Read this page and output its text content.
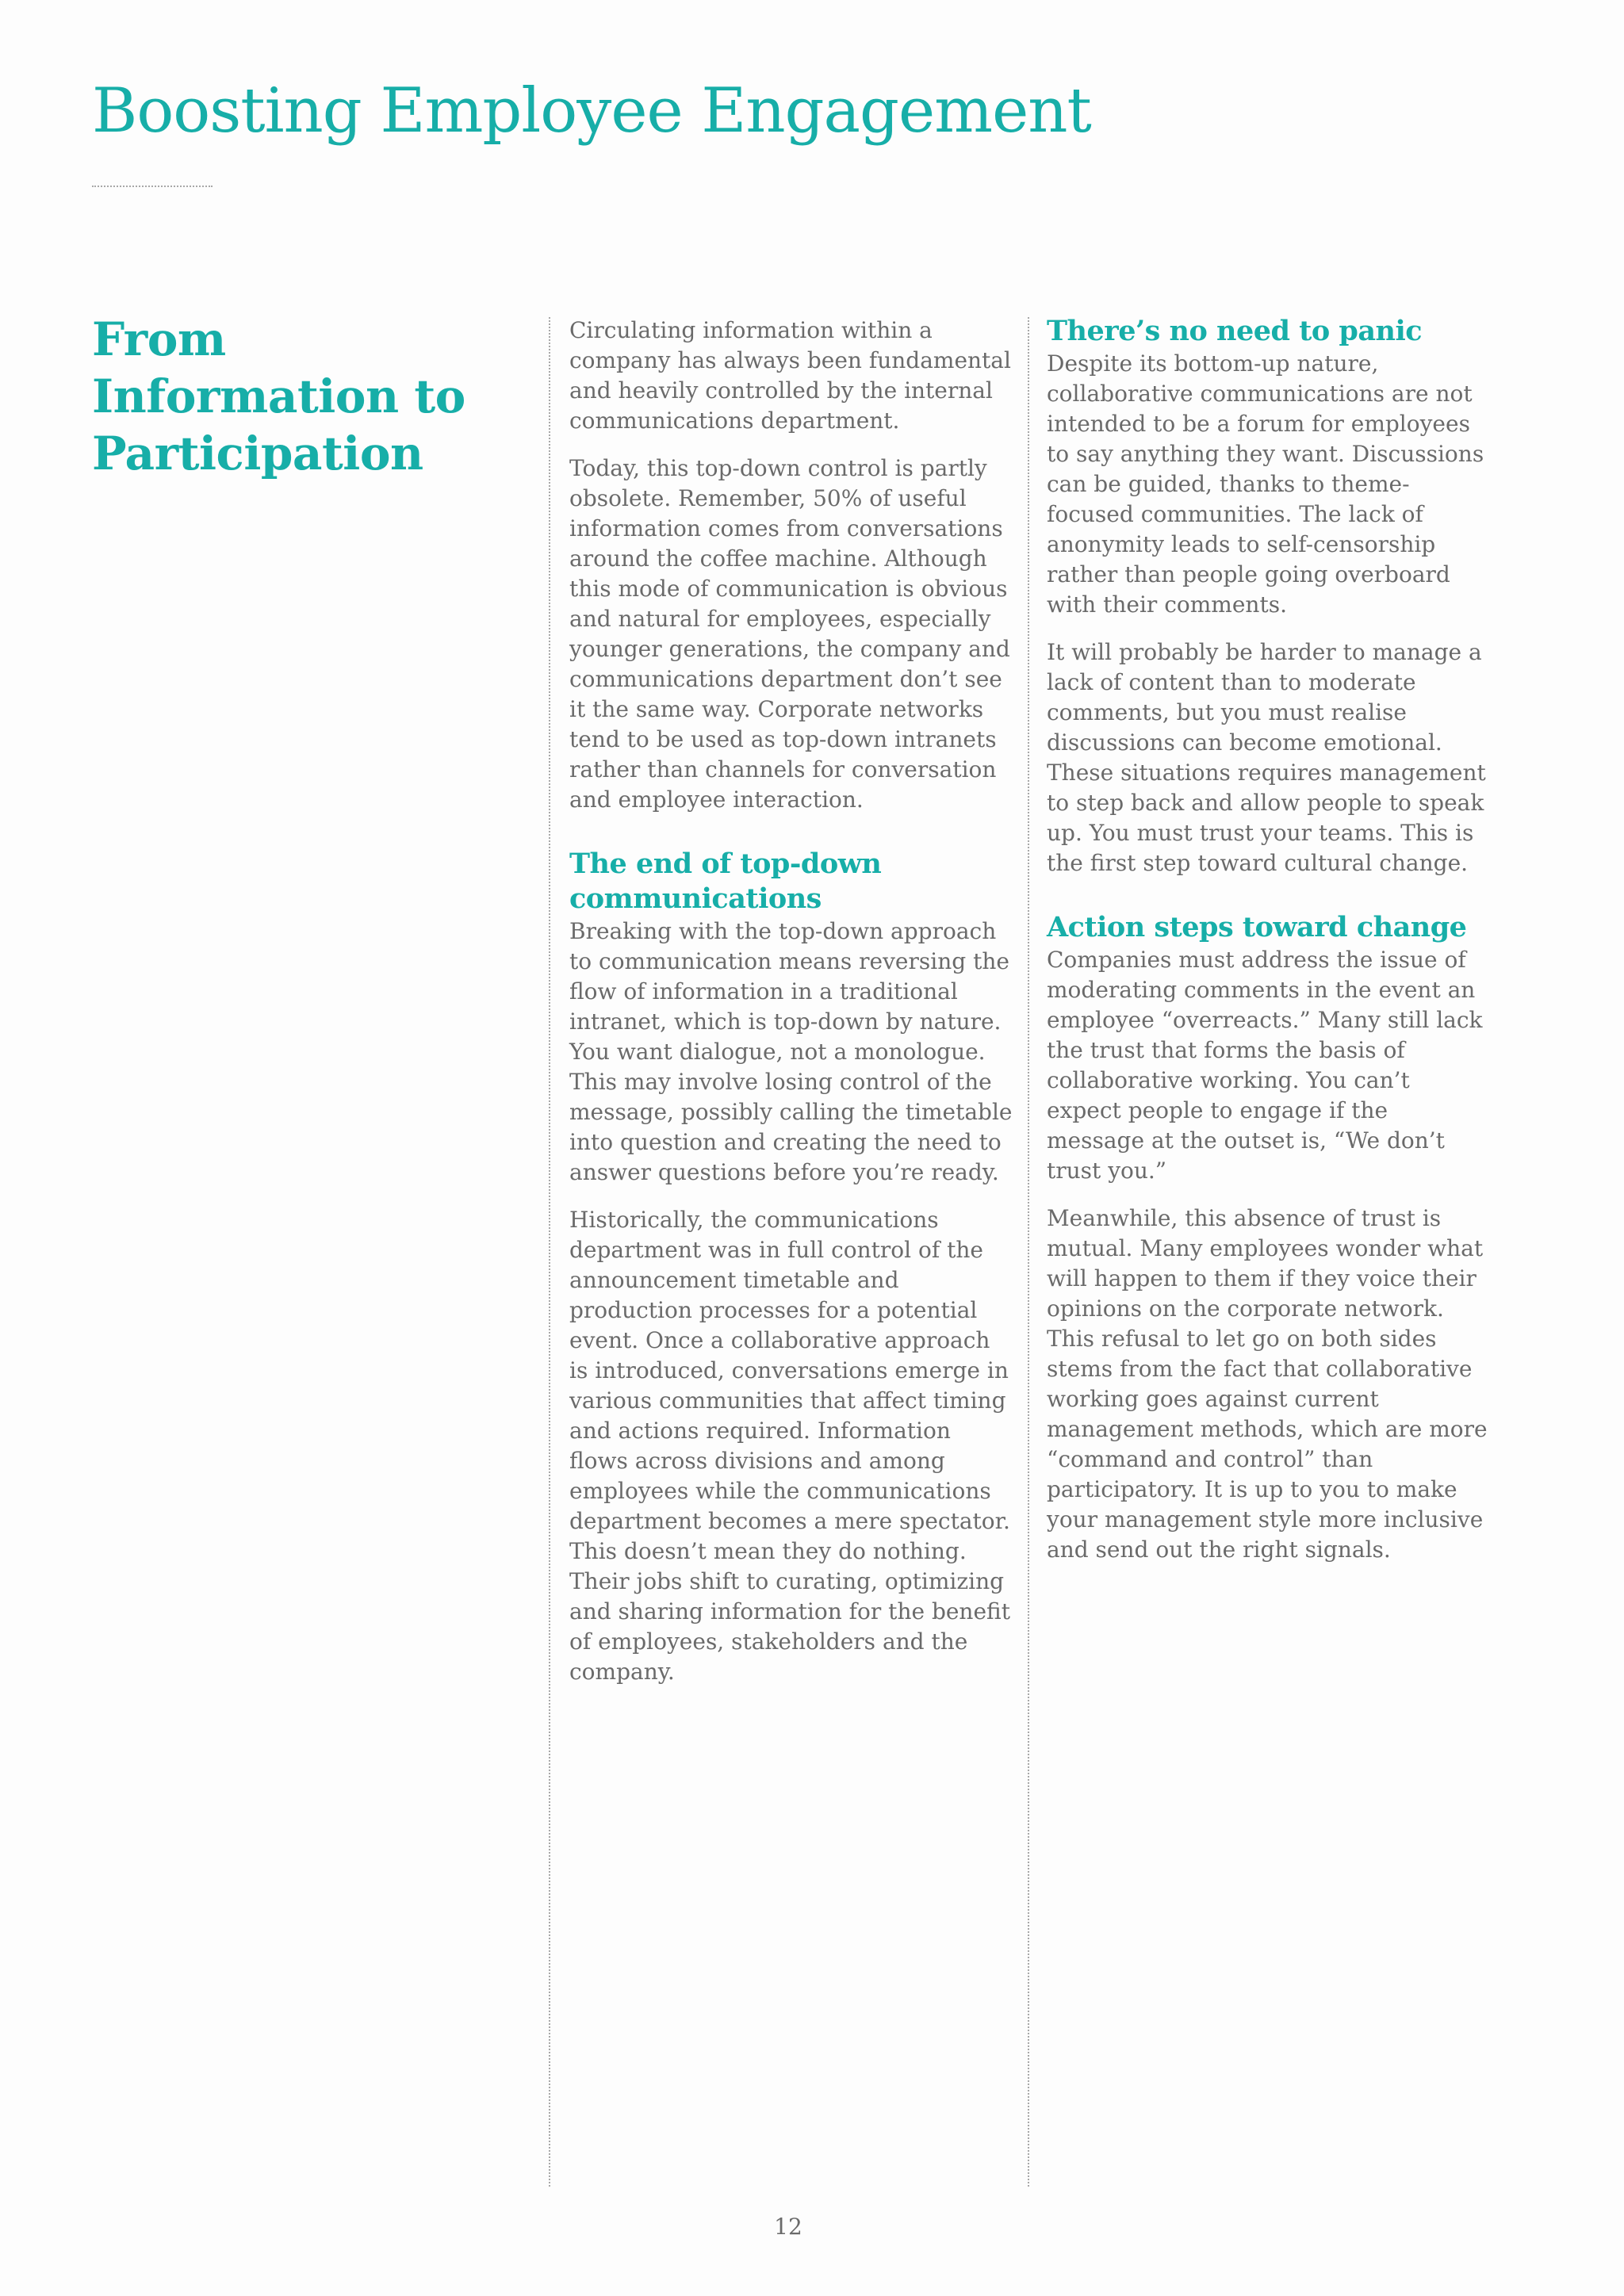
Boosting Employee Engagement
From Information to Participation

Circulating information within a company has always been fundamental and heavily controlled by the internal communications department.

Today, this top-down control is partly obsolete. Remember, 50% of useful information comes from conversations around the coffee machine. Although this mode of communication is obvious and natural for employees, especially younger generations, the company and communications department don’t see it the same way. Corporate networks tend to be used as top-down intranets rather than channels for conversation and employee interaction.

The end of top-down communications

Breaking with the top-down approach to communication means reversing the flow of information in a traditional intranet, which is top-down by nature. You want dialogue, not a monologue. This may involve losing control of the message, possibly calling the timetable into question and creating the need to answer questions before you’re ready.

Historically, the communications department was in full control of the announcement timetable and production processes for a potential event. Once a collaborative approach is introduced, conversations emerge in various communities that affect timing and actions required. Information flows across divisions and among employees while the communications department becomes a mere spectator. This doesn’t mean they do nothing. Their jobs shift to curating, optimizing and sharing information for the benefit of employees, stakeholders and the company.

There’s no need to panic

Despite its bottom-up nature, collaborative communications are not intended to be a forum for employees to say anything they want. Discussions can be guided, thanks to theme-focused communities. The lack of anonymity leads to self-censorship rather than people going overboard with their comments.

It will probably be harder to manage a lack of content than to moderate comments, but you must realise discussions can become emotional. These situations requires management to step back and allow people to speak up. You must trust your teams. This is the first step toward cultural change.

Action steps toward change

Companies must address the issue of moderating comments in the event an employee “overreacts.” Many still lack the trust that forms the basis of collaborative working. You can’t expect people to engage if the message at the outset is, “We don’t trust you.”

Meanwhile, this absence of trust is mutual. Many employees wonder what will happen to them if they voice their opinions on the corporate network. This refusal to let go on both sides stems from the fact that collaborative working goes against current management methods, which are more “command and control” than participatory. It is up to you to make your management style more inclusive and send out the right signals.

12
